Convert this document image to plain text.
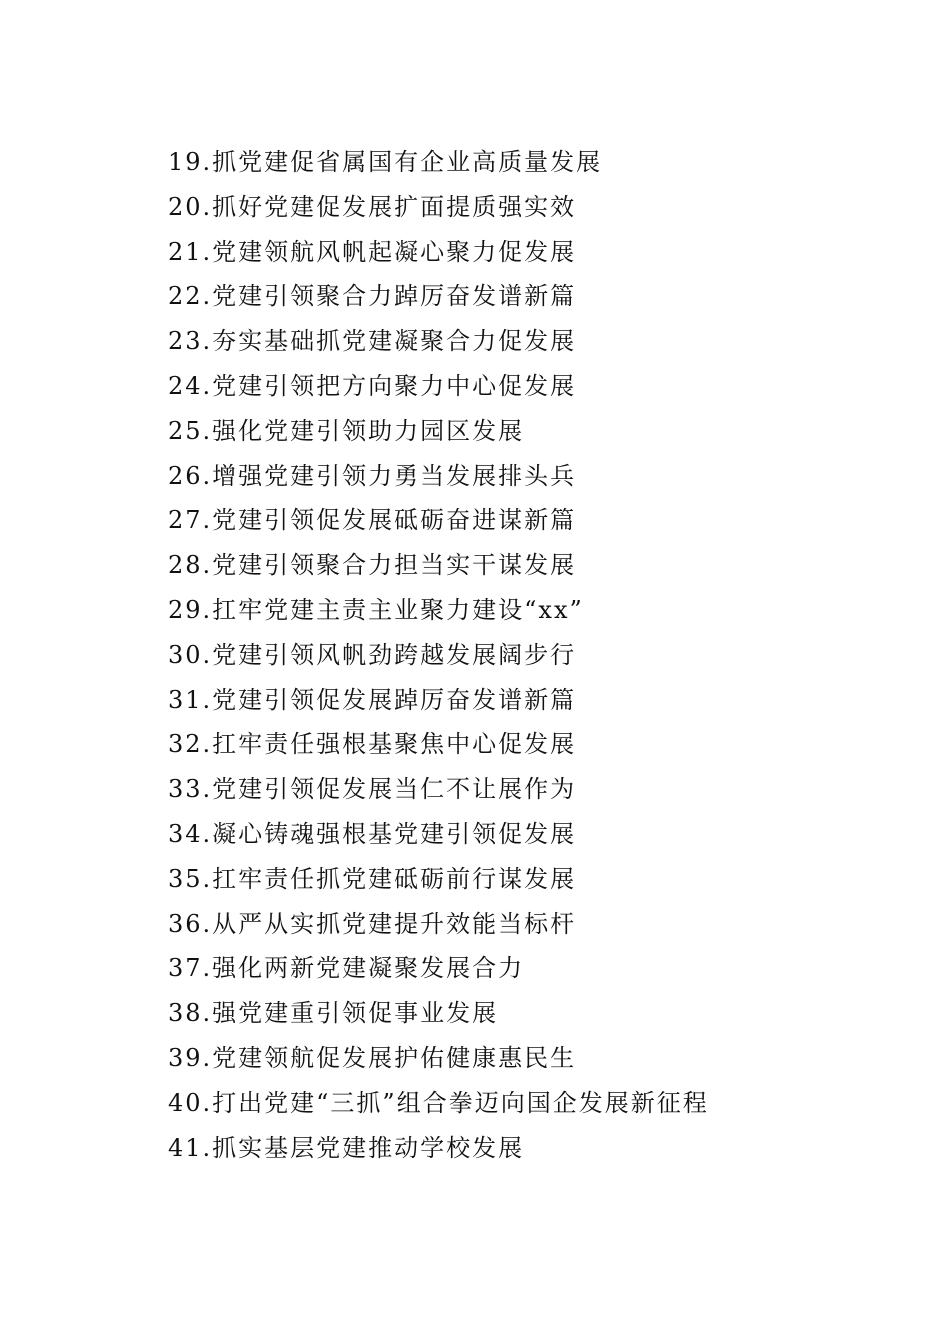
19.抓党建促省属国有企业高质量发展
20.抓好党建促发展扩面提质强实效
21.党建领航风帆起凝心聚力促发展
22.党建引领聚合力踔厉奋发谱新篇
23.夯实基础抓党建凝聚合力促发展
24.党建引领把方向聚力中心促发展
25.强化党建引领助力园区发展
26.增强党建引领力勇当发展排头兵
27.党建引领促发展砥砺奋进谋新篇
28.党建引领聚合力担当实干谋发展
29.扛牢党建主责主业聚力建设“xx”
30.党建引领风帆劲跨越发展阔步行
31.党建引领促发展踔厉奋发谱新篇
32.扛牢责任强根基聚焦中心促发展
33.党建引领促发展当仁不让展作为
34.凝心铸魂强根基党建引领促发展
35.扛牢责任抓党建砥砺前行谋发展
36.从严从实抓党建提升效能当标杆
37.强化两新党建凝聚发展合力
38.强党建重引领促事业发展
39.党建领航促发展护佑健康惠民生
40.打出党建“三抓”组合拳迈向国企发展新征程
41.抓实基层党建推动学校发展
